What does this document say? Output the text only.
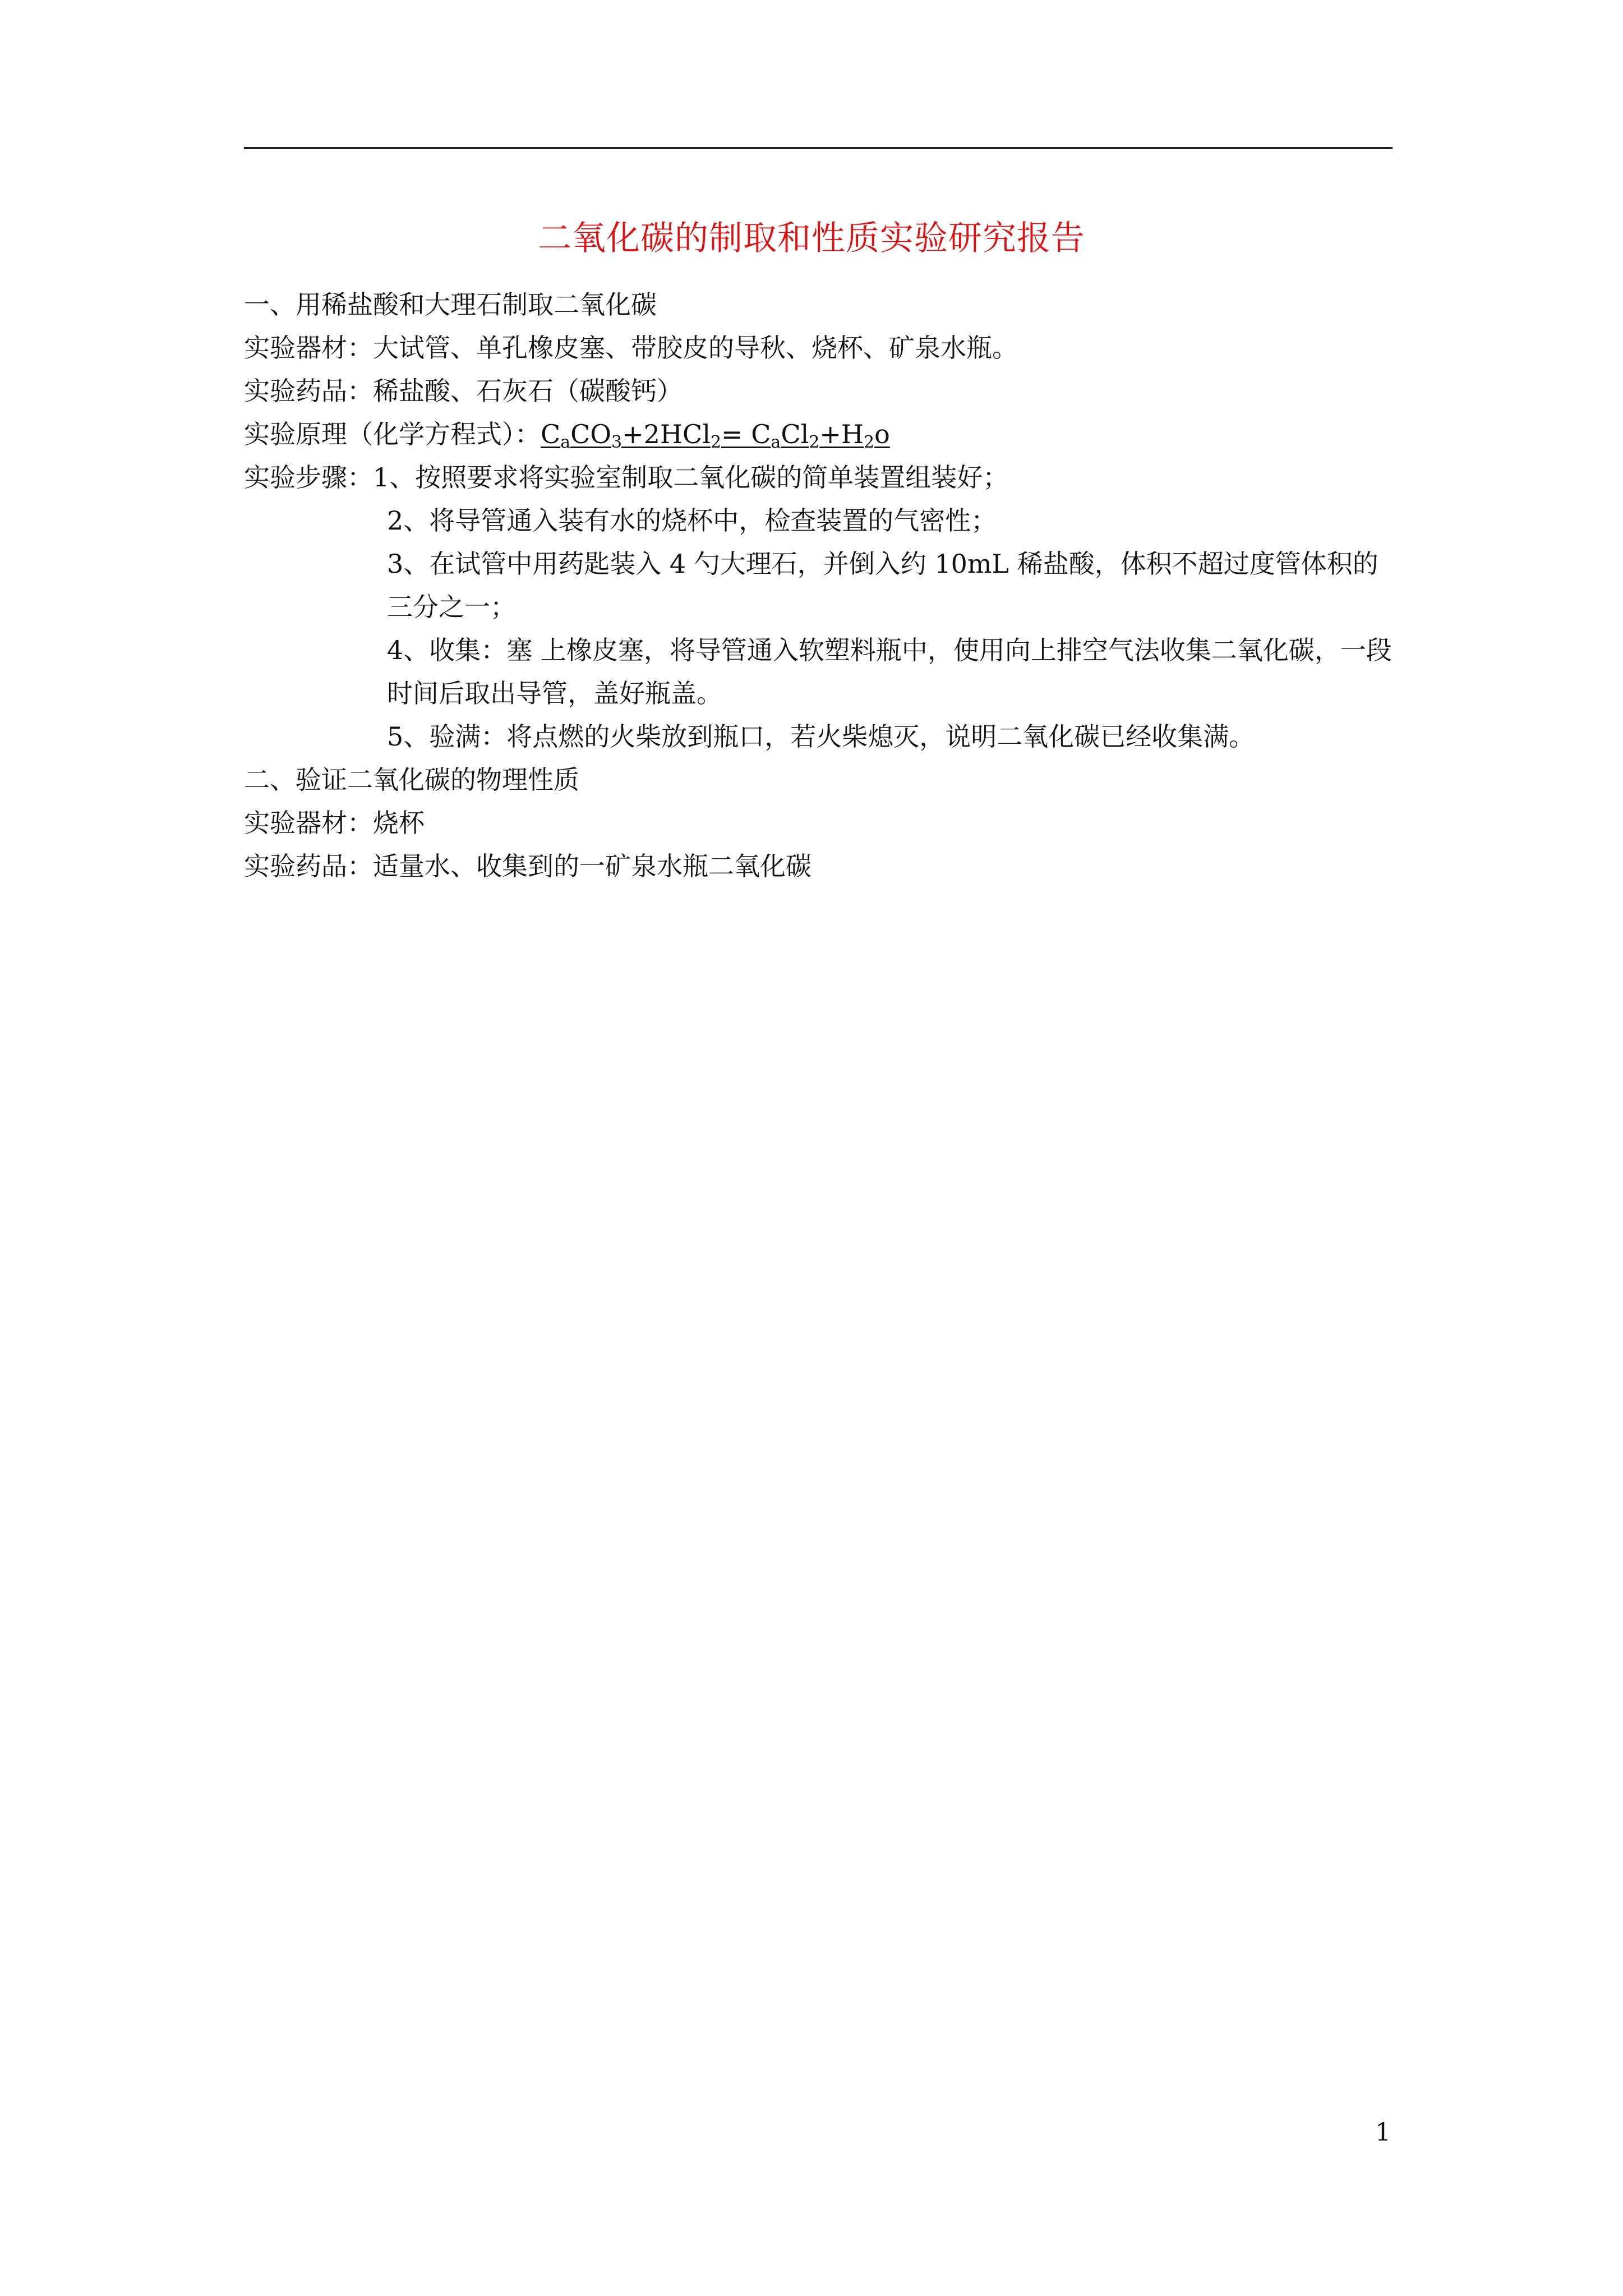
二氧化碳的制取和性质实验研究报告
一、用稀盐酸和大理石制取二氧化碳
实验器材：大试管、单孔橡皮塞、带胶皮的导秋、烧杯、矿泉水瓶。
实验药品：稀盐酸、石灰石（碳酸钙）
实验原理（化学方程式）：$C_aCO_3+2HCl_2= C_aCl_2+H_2o$
实验步骤：1、按照要求将实验室制取二氧化碳的简单装置组装好；
2、将导管通入装有水的烧杯中，检查装置的气密性；
3、在试管中用药匙装入 4 勺大理石，并倒入约 10mL 稀盐酸，体积不超过度管体积的三分之一；
4、收集：塞 上橡皮塞，将导管通入软塑料瓶中，使用向上排空气法收集二氧化碳，一段时间后取出导管，盖好瓶盖。
5、验满：将点燃的火柴放到瓶口，若火柴熄灭，说明二氧化碳已经收集满。
二、验证二氧化碳的物理性质
实验器材：烧杯
实验药品：适量水、收集到的一矿泉水瓶二氧化碳
1
